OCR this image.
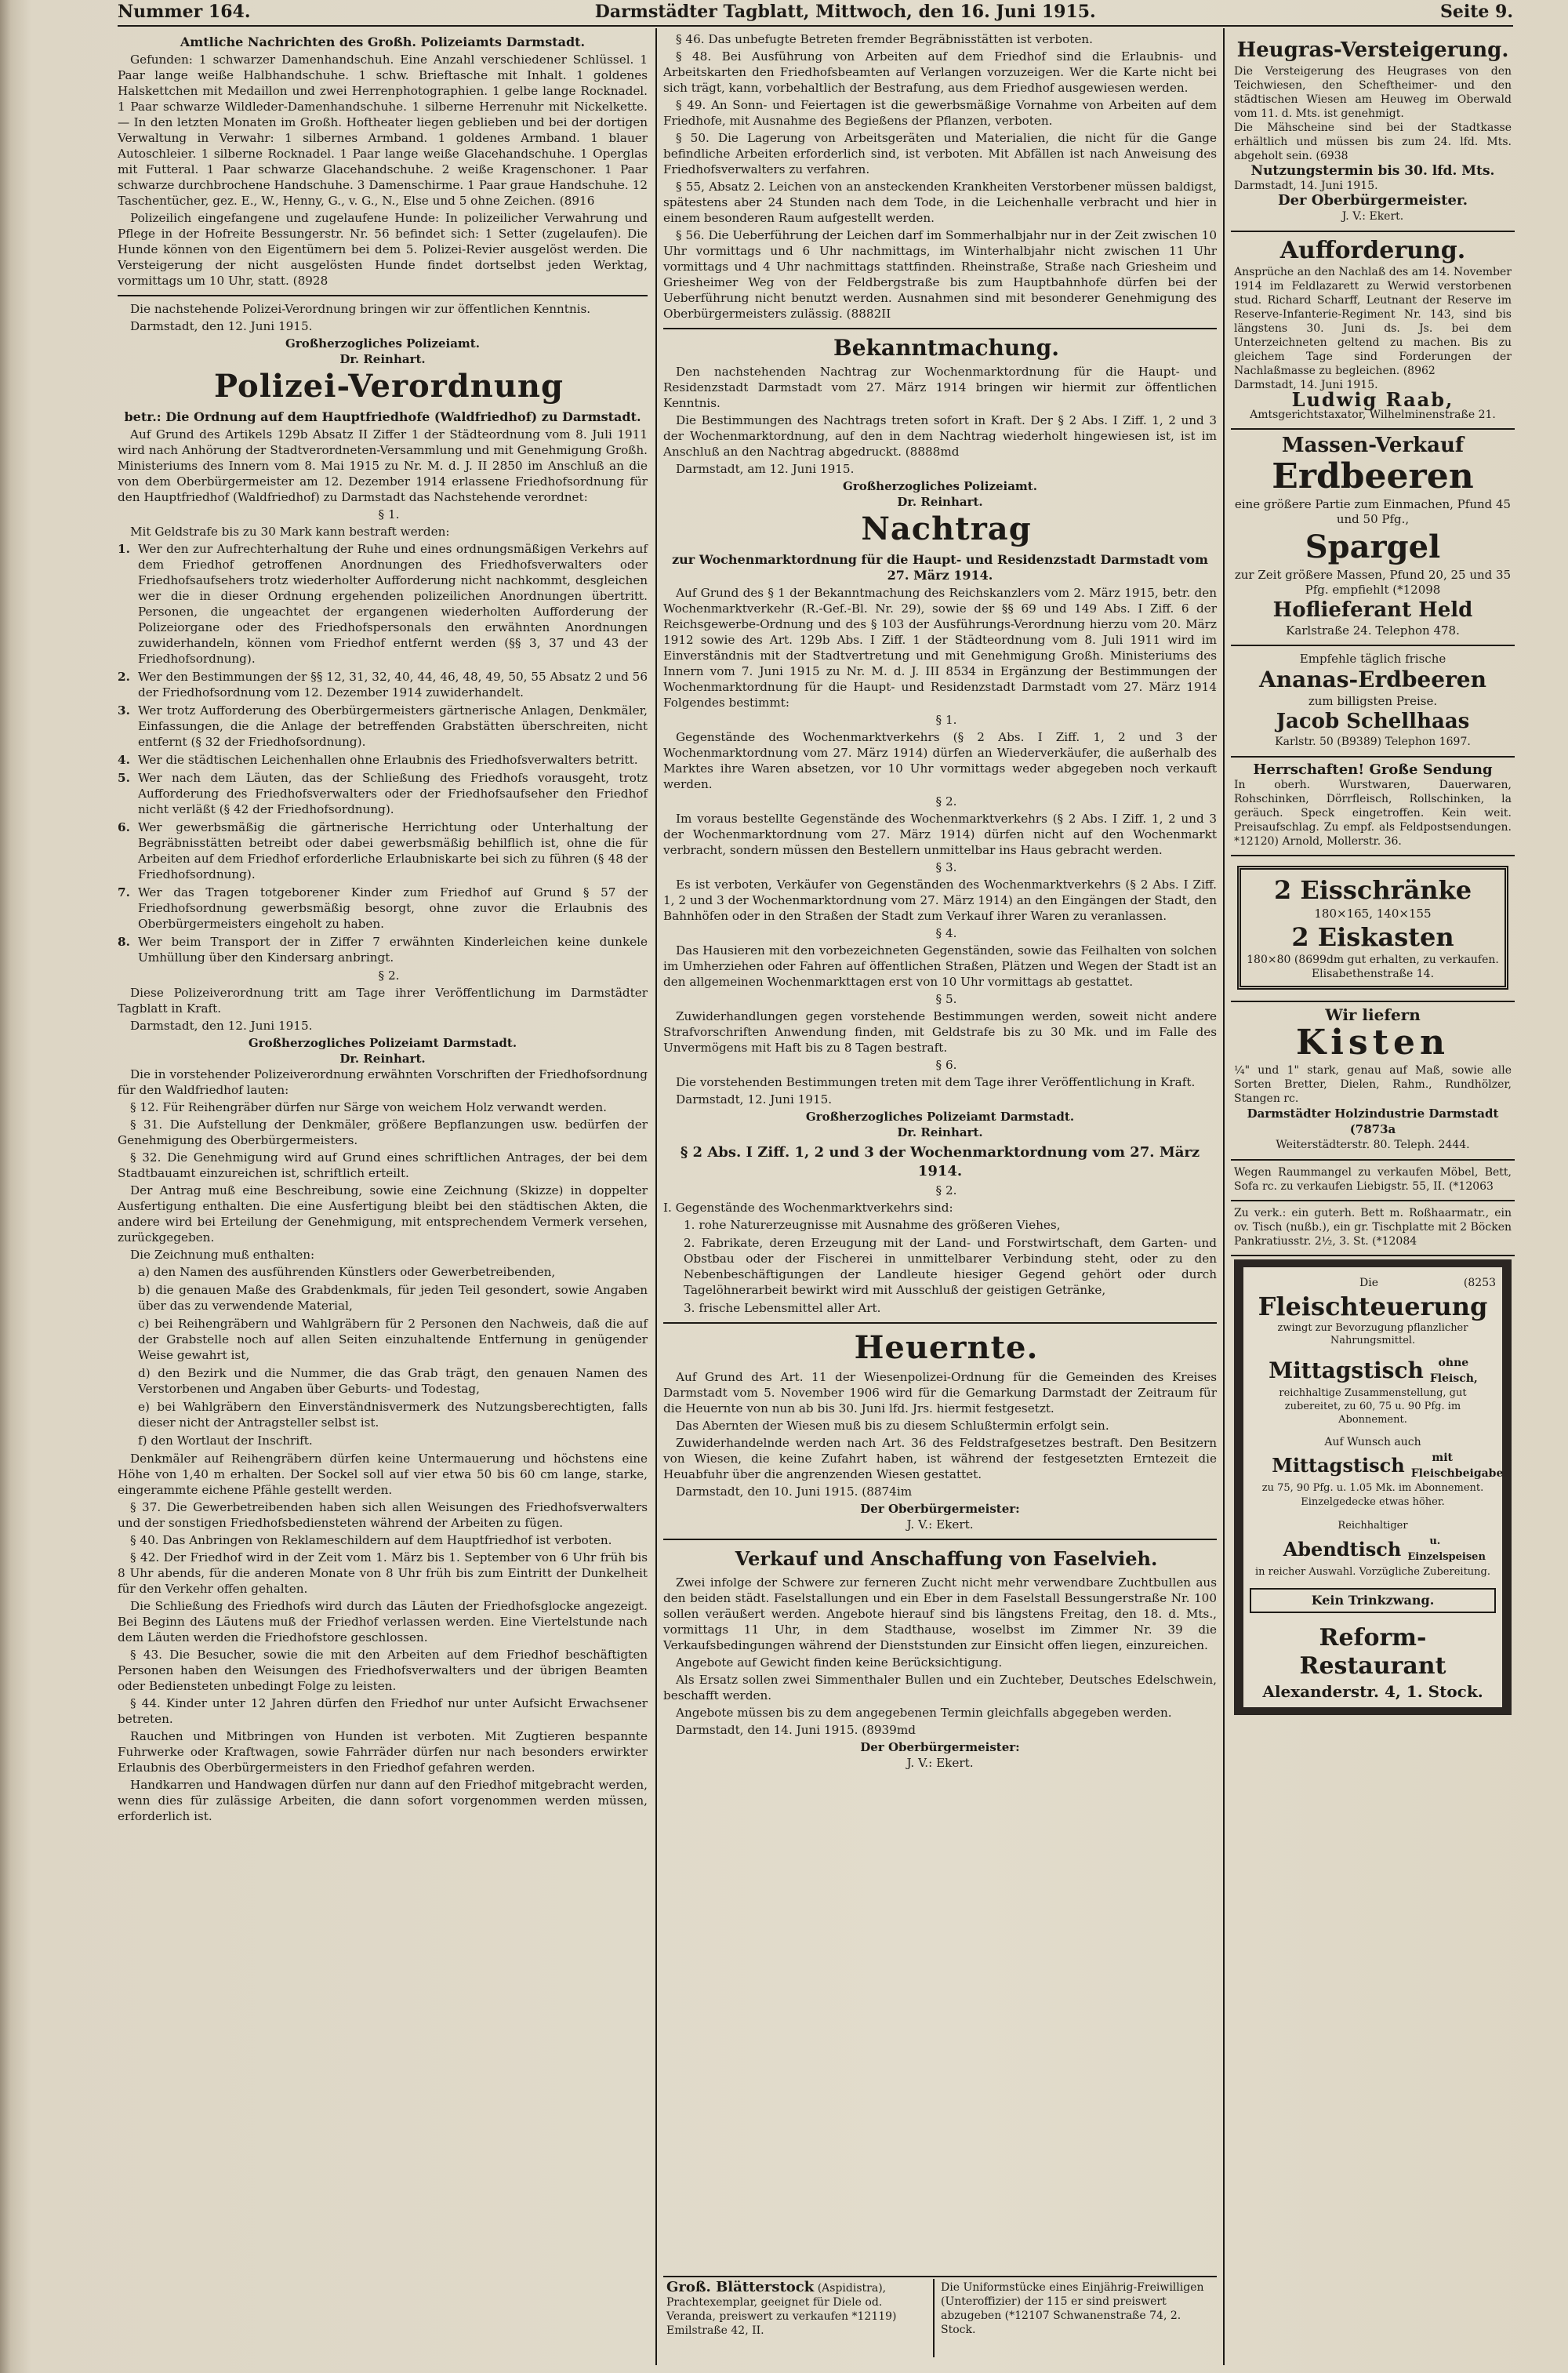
Nummer 164.	Darmstädter Tagblatt, Mittwoch, den 16. Juni 1915.	Seite 9.

Amtliche Nachrichten des Großh. Polizeiamts Darmstadt.

Gefunden: 1 schwarzer Damenhandschuh. Eine Anzahl verschiedener Schlüssel. 1 Paar lange weiße Halbhandschuhe. 1 schw. Brieftasche mit Inhalt. 1 goldenes Halskettchen mit Medaillon und zwei Herrenphotographien. 1 gelbe lange Rocknadel. 1 Paar schwarze Wildleder-Damenhandschuhe. 1 silberne Herrenuhr mit Nickelkette. — In den letzten Monaten im Großh. Hoftheater liegen geblieben und bei der dortigen Verwaltung in Verwahr: 1 silbernes Armband. 1 goldenes Armband. 1 blauer Autoschleier. 1 silberne Rocknadel. 1 Paar lange weiße Glacehandschuhe. 1 Operglas mit Futteral. 1 Paar schwarze Glacehandschuhe. 2 weiße Kragenschoner. 1 Paar schwarze durchbrochene Handschuhe. 3 Damenschirme. 1 Paar graue Handschuhe. 12 Taschentücher, gez. E., W., Henny, G., v. G., N., Else und 5 ohne Zeichen. (8916

Polizeilich eingefangene und zugelaufene Hunde: In polizeilicher Verwahrung und Pflege in der Hofreite Bessungerstr. Nr. 56 befindet sich: 1 Setter (zugelaufen). Die Hunde können von den Eigentümern bei dem 5. Polizei-Revier ausgelöst werden. Die Versteigerung der nicht ausgelösten Hunde findet dortselbst jeden Werktag, vormittags um 10 Uhr, statt. (8928

Die nachstehende Polizei-Verordnung bringen wir zur öffentlichen Kenntnis.

Darmstadt, den 12. Juni 1915.

Großherzogliches Polizeiamt.

Dr. Reinhart.

Polizei-Verordnung

betr.: Die Ordnung auf dem Hauptfriedhofe (Waldfriedhof) zu Darmstadt.

Auf Grund des Artikels 129b Absatz II Ziffer 1 der Städteordnung vom 8. Juli 1911 wird nach Anhörung der Stadtverordneten-Versammlung und mit Genehmigung Großh. Ministeriums des Innern vom 8. Mai 1915 zu Nr. M. d. J. II 2850 im Anschluß an die von dem Oberbürgermeister am 12. Dezember 1914 erlassene Friedhofsordnung für den Hauptfriedhof (Waldfriedhof) zu Darmstadt das Nachstehende verordnet:

§ 1.

Mit Geldstrafe bis zu 30 Mark kann bestraft werden:

1. Wer den zur Aufrechterhaltung der Ruhe und eines ordnungsmäßigen Verkehrs auf dem Friedhof getroffenen Anordnungen des Friedhofsverwalters oder Friedhofsaufsehers trotz wiederholter Aufforderung nicht nachkommt, desgleichen wer die in dieser Ordnung ergehenden polizeilichen Anordnungen übertritt. Personen, die ungeachtet der ergangenen wiederholten Aufforderung der Polizeiorgane oder des Friedhofspersonals den erwähnten Anordnungen zuwiderhandeln, können vom Friedhof entfernt werden (§§ 3, 37 und 43 der Friedhofsordnung).

2. Wer den Bestimmungen der §§ 12, 31, 32, 40, 44, 46, 48, 49, 50, 55 Absatz 2 und 56 der Friedhofsordnung vom 12. Dezember 1914 zuwiderhandelt.

3. Wer trotz Aufforderung des Oberbürgermeisters gärtnerische Anlagen, Denkmäler, Einfassungen, die die Anlage der betreffenden Grabstätten überschreiten, nicht entfernt (§ 32 der Friedhofsordnung).

4. Wer die städtischen Leichenhallen ohne Erlaubnis des Friedhofsverwalters betritt.

5. Wer nach dem Läuten, das der Schließung des Friedhofs vorausgeht, trotz Aufforderung des Friedhofsverwalters oder der Friedhofsaufseher den Friedhof nicht verläßt (§ 42 der Friedhofsordnung).

6. Wer gewerbsmäßig die gärtnerische Herrichtung oder Unterhaltung der Begräbnisstätten betreibt oder dabei gewerbsmäßig behilflich ist, ohne die für Arbeiten auf dem Friedhof erforderliche Erlaubniskarte bei sich zu führen (§ 48 der Friedhofsordnung).

7. Wer das Tragen totgeborener Kinder zum Friedhof auf Grund § 57 der Friedhofsordnung gewerbsmäßig besorgt, ohne zuvor die Erlaubnis des Oberbürgermeisters eingeholt zu haben.

8. Wer beim Transport der in Ziffer 7 erwähnten Kinderleichen keine dunkele Umhüllung über den Kindersarg anbringt.

§ 2.

Diese Polizeiverordnung tritt am Tage ihrer Veröffentlichung im Darmstädter Tagblatt in Kraft.

Darmstadt, den 12. Juni 1915.

Großherzogliches Polizeiamt Darmstadt.

Dr. Reinhart.

Die in vorstehender Polizeiverordnung erwähnten Vorschriften der Friedhofsordnung für den Waldfriedhof lauten:

§ 12. Für Reihengräber dürfen nur Särge von weichem Holz verwandt werden.

§ 31. Die Aufstellung der Denkmäler, größere Bepflanzungen usw. bedürfen der Genehmigung des Oberbürgermeisters.

§ 32. Die Genehmigung wird auf Grund eines schriftlichen Antrages, der bei dem Stadtbauamt einzureichen ist, schriftlich erteilt.

Der Antrag muß eine Beschreibung, sowie eine Zeichnung (Skizze) in doppelter Ausfertigung enthalten. Die eine Ausfertigung bleibt bei den städtischen Akten, die andere wird bei Erteilung der Genehmigung, mit entsprechendem Vermerk versehen, zurückgegeben.

Die Zeichnung muß enthalten:

a) den Namen des ausführenden Künstlers oder Gewerbetreibenden,

b) die genauen Maße des Grabdenkmals, für jeden Teil gesondert, sowie Angaben über das zu verwendende Material,

c) bei Reihengräbern und Wahlgräbern für 2 Personen den Nachweis, daß die auf der Grabstelle noch auf allen Seiten einzuhaltende Entfernung in genügender Weise gewahrt ist,

d) den Bezirk und die Nummer, die das Grab trägt, den genauen Namen des Verstorbenen und Angaben über Geburts- und Todestag,

e) bei Wahlgräbern den Einverständnisvermerk des Nutzungsberechtigten, falls dieser nicht der Antragsteller selbst ist.

f) den Wortlaut der Inschrift.

Denkmäler auf Reihengräbern dürfen keine Untermauerung und höchstens eine Höhe von 1,40 m erhalten. Der Sockel soll auf vier etwa 50 bis 60 cm lange, starke, eingerammte eichene Pfähle gestellt werden.

§ 37. Die Gewerbetreibenden haben sich allen Weisungen des Friedhofsverwalters und der sonstigen Friedhofsbediensteten während der Arbeiten zu fügen.

§ 40. Das Anbringen von Reklameschildern auf dem Hauptfriedhof ist verboten.

§ 42. Der Friedhof wird in der Zeit vom 1. März bis 1. September von 6 Uhr früh bis 8 Uhr abends, für die anderen Monate von 8 Uhr früh bis zum Eintritt der Dunkelheit für den Verkehr offen gehalten.

Die Schließung des Friedhofs wird durch das Läuten der Friedhofsglocke angezeigt. Bei Beginn des Läutens muß der Friedhof verlassen werden. Eine Viertelstunde nach dem Läuten werden die Friedhofstore geschlossen.

§ 43. Die Besucher, sowie die mit den Arbeiten auf dem Friedhof beschäftigten Personen haben den Weisungen des Friedhofsverwalters und der übrigen Beamten oder Bediensteten unbedingt Folge zu leisten.

§ 44. Kinder unter 12 Jahren dürfen den Friedhof nur unter Aufsicht Erwachsener betreten.

Rauchen und Mitbringen von Hunden ist verboten. Mit Zugtieren bespannte Fuhrwerke oder Kraftwagen, sowie Fahrräder dürfen nur nach besonders erwirkter Erlaubnis des Oberbürgermeisters in den Friedhof gefahren werden.

Handkarren und Handwagen dürfen nur dann auf den Friedhof mitgebracht werden, wenn dies für zulässige Arbeiten, die dann sofort vorgenommen werden müssen, erforderlich ist.

§ 46. Das unbefugte Betreten fremder Begräbnisstätten ist verboten.

§ 48. Bei Ausführung von Arbeiten auf dem Friedhof sind die Erlaubnis- und Arbeitskarten den Friedhofsbeamten auf Verlangen vorzuzeigen. Wer die Karte nicht bei sich trägt, kann, vorbehaltlich der Bestrafung, aus dem Friedhof ausgewiesen werden.

§ 49. An Sonn- und Feiertagen ist die gewerbsmäßige Vornahme von Arbeiten auf dem Friedhofe, mit Ausnahme des Begießens der Pflanzen, verboten.

§ 50. Die Lagerung von Arbeitsgeräten und Materialien, die nicht für die Gange befindliche Arbeiten erforderlich sind, ist verboten. Mit Abfällen ist nach Anweisung des Friedhofsverwalters zu verfahren.

§ 55, Absatz 2. Leichen von an ansteckenden Krankheiten Verstorbener müssen baldigst, spätestens aber 24 Stunden nach dem Tode, in die Leichenhalle verbracht und hier in einem besonderen Raum aufgestellt werden.

§ 56. Die Ueberführung der Leichen darf im Sommerhalbjahr nur in der Zeit zwischen 10 Uhr vormittags und 6 Uhr nachmittags, im Winterhalbjahr nicht zwischen 11 Uhr vormittags und 4 Uhr nachmittags stattfinden. Rheinstraße, Straße nach Griesheim und Griesheimer Weg von der Feldbergstraße bis zum Hauptbahnhofe dürfen bei der Ueberführung nicht benutzt werden. Ausnahmen sind mit besonderer Genehmigung des Oberbürgermeisters zulässig. (8882II

Bekanntmachung.

Den nachstehenden Nachtrag zur Wochenmarktordnung für die Haupt- und Residenzstadt Darmstadt vom 27. März 1914 bringen wir hiermit zur öffentlichen Kenntnis.

Die Bestimmungen des Nachtrags treten sofort in Kraft. Der § 2 Abs. I Ziff. 1, 2 und 3 der Wochenmarktordnung, auf den in dem Nachtrag wiederholt hingewiesen ist, ist im Anschluß an den Nachtrag abgedruckt. (8888md

Darmstadt, am 12. Juni 1915.

Großherzogliches Polizeiamt.

Dr. Reinhart.

Nachtrag

zur Wochenmarktordnung für die Haupt- und Residenzstadt Darmstadt vom 27. März 1914.

Auf Grund des § 1 der Bekanntmachung des Reichskanzlers vom 2. März 1915, betr. den Wochenmarktverkehr (R.-Gef.-Bl. Nr. 29), sowie der §§ 69 und 149 Abs. I Ziff. 6 der Reichsgewerbe-Ordnung und des § 103 der Ausführungs-Verordnung hierzu vom 20. März 1912 sowie des Art. 129b Abs. I Ziff. 1 der Städteordnung vom 8. Juli 1911 wird im Einverständnis mit der Stadtvertretung und mit Genehmigung Großh. Ministeriums des Innern vom 7. Juni 1915 zu Nr. M. d. J. III 8534 in Ergänzung der Bestimmungen der Wochenmarktordnung für die Haupt- und Residenzstadt Darmstadt vom 27. März 1914 Folgendes bestimmt:

§ 1.

Gegenstände des Wochenmarktverkehrs (§ 2 Abs. I Ziff. 1, 2 und 3 der Wochenmarktordnung vom 27. März 1914) dürfen an Wiederverkäufer, die außerhalb des Marktes ihre Waren absetzen, vor 10 Uhr vormittags weder abgegeben noch verkauft werden.

§ 2.

Im voraus bestellte Gegenstände des Wochenmarktverkehrs (§ 2 Abs. I Ziff. 1, 2 und 3 der Wochenmarktordnung vom 27. März 1914) dürfen nicht auf den Wochenmarkt verbracht, sondern müssen den Bestellern unmittelbar ins Haus gebracht werden.

§ 3.

Es ist verboten, Verkäufer von Gegenständen des Wochenmarktverkehrs (§ 2 Abs. I Ziff. 1, 2 und 3 der Wochenmarktordnung vom 27. März 1914) an den Eingängen der Stadt, den Bahnhöfen oder in den Straßen der Stadt zum Verkauf ihrer Waren zu veranlassen.

§ 4.

Das Hausieren mit den vorbezeichneten Gegenständen, sowie das Feilhalten von solchen im Umherziehen oder Fahren auf öffentlichen Straßen, Plätzen und Wegen der Stadt ist an den allgemeinen Wochenmarkttagen erst von 10 Uhr vormittags ab gestattet.

§ 5.

Zuwiderhandlungen gegen vorstehende Bestimmungen werden, soweit nicht andere Strafvorschriften Anwendung finden, mit Geldstrafe bis zu 30 Mk. und im Falle des Unvermögens mit Haft bis zu 8 Tagen bestraft.

§ 6.

Die vorstehenden Bestimmungen treten mit dem Tage ihrer Veröffentlichung in Kraft.

Darmstadt, 12. Juni 1915.

Großherzogliches Polizeiamt Darmstadt.

Dr. Reinhart.

§ 2 Abs. I Ziff. 1, 2 und 3 der Wochenmarktordnung vom 27. März 1914.

§ 2.

I. Gegenstände des Wochenmarktverkehrs sind:

1. rohe Naturerzeugnisse mit Ausnahme des größeren Viehes,

2. Fabrikate, deren Erzeugung mit der Land- und Forstwirtschaft, dem Garten- und Obstbau oder der Fischerei in unmittelbarer Verbindung steht, oder zu den Nebenbeschäftigungen der Landleute hiesiger Gegend gehört oder durch Tagelöhnerarbeit bewirkt wird mit Ausschluß der geistigen Getränke,

3. frische Lebensmittel aller Art.

Heuernte.

Auf Grund des Art. 11 der Wiesenpolizei-Ordnung für die Gemeinden des Kreises Darmstadt vom 5. November 1906 wird für die Gemarkung Darmstadt der Zeitraum für die Heuernte von nun ab bis 30. Juni lfd. Jrs. hiermit festgesetzt.

Das Abernten der Wiesen muß bis zu diesem Schlußtermin erfolgt sein.

Zuwiderhandelnde werden nach Art. 36 des Feldstrafgesetzes bestraft. Den Besitzern von Wiesen, die keine Zufahrt haben, ist während der festgesetzten Erntezeit die Heuabfuhr über die angrenzenden Wiesen gestattet.

Darmstadt, den 10. Juni 1915. (8874im

Der Oberbürgermeister:

J. V.: Ekert.

Verkauf und Anschaffung von Faselvieh.

Zwei infolge der Schwere zur ferneren Zucht nicht mehr verwendbare Zuchtbullen aus den beiden städt. Faselstallungen und ein Eber in dem Faselstall Bessungerstraße Nr. 100 sollen veräußert werden. Angebote hierauf sind bis längstens Freitag, den 18. d. Mts., vormittags 11 Uhr, in dem Stadthause, woselbst im Zimmer Nr. 39 die Verkaufsbedingungen während der Dienststunden zur Einsicht offen liegen, einzureichen.

Angebote auf Gewicht finden keine Berücksichtigung.

Als Ersatz sollen zwei Simmenthaler Bullen und ein Zuchteber, Deutsches Edelschwein, beschafft werden.

Angebote müssen bis zu dem angegebenen Termin gleichfalls abgegeben werden.

Darmstadt, den 14. Juni 1915. (8939md

Der Oberbürgermeister:

J. V.: Ekert.

Groß. Blätterstock (Aspidistra), Prachtexemplar, geeignet für Diele od. Veranda, preiswert zu verkaufen *12119) Emilstraße 42, II.
Die Uniformstücke eines Einjährig-Freiwilligen (Unteroffizier) der 115 er sind preiswert abzugeben (*12107 Schwanenstraße 74, 2. Stock.
Heugras-Versteigerung.
Die Versteigerung des Heugrases von den Teichwiesen, den Scheftheimer- und den städtischen Wiesen am Heuweg im Oberwald vom 11. d. Mts. ist genehmigt.
Die Mähscheine sind bei der Stadtkasse erhältlich und müssen bis zum 24. lfd. Mts. abgeholt sein. (6938
Nutzungstermin bis 30. lfd. Mts.
Darmstadt, 14. Juni 1915.
Der Oberbürgermeister.
J. V.: Ekert.
Aufforderung.
Ansprüche an den Nachlaß des am 14. November 1914 im Feldlazarett zu Werwid verstorbenen stud. Richard Scharff, Leutnant der Reserve im Reserve-Infanterie-Regiment Nr. 143, sind bis längstens 30. Juni ds. Js. bei dem Unterzeichneten geltend zu machen. Bis zu gleichem Tage sind Forderungen der Nachlaßmasse zu begleichen. (8962
Darmstadt, 14. Juni 1915.
Ludwig Raab,
Amtsgerichtstaxator, Wilhelminenstraße 21.
Massen-Verkauf
Erdbeeren
eine größere Partie zum Einmachen, Pfund 45 und 50 Pfg.,
Spargel
zur Zeit größere Massen, Pfund 20, 25 und 35 Pfg. empfiehlt (*12098
Hoflieferant Held
Karlstraße 24. Telephon 478.
Empfehle täglich frische
Ananas-Erdbeeren
zum billigsten Preise.
Jacob Schellhaas
Karlstr. 50 (B9389) Telephon 1697.
Herrschaften! Große Sendung
In oberh. Wurstwaren, Dauerwaren, Rohschinken, Dörrfleisch, Rollschinken, la geräuch. Speck eingetroffen. Kein weit. Preisaufschlag. Zu empf. als Feldpostsendungen. *12120) Arnold, Mollerstr. 36.
2 Eisschränke
180×165, 140×155
2 Eiskasten
180×80 (8699dm gut erhalten, zu verkaufen. Elisabethenstraße 14.
Wir liefern
Kisten
¼" und 1" stark, genau auf Maß, sowie alle Sorten Bretter, Dielen, Rahm., Rundhölzer, Stangen rc.
Darmstädter Holzindustrie Darmstadt (7873a
Weiterstädterstr. 80. Teleph. 2444.
Wegen Raummangel zu verkaufen Möbel, Bett, Sofa rc. zu verkaufen Liebigstr. 55, II. (*12063
Zu verk.: ein guterh. Bett m. Roßhaarmatr., ein ov. Tisch (nußb.), ein gr. Tischplatte mit 2 Böcken Pankratiusstr. 2½, 3. St. (*12084
Die	(8253
Fleischteuerung
zwingt zur Bevorzugung pflanzlicher Nahrungsmittel.
Mittagstisch	ohne Fleisch,
reichhaltige Zusammenstellung, gut zubereitet, zu 60, 75 u. 90 Pfg. im Abonnement.
Auf Wunsch auch
Mittagstisch	mit Fleischbeigabe
zu 75, 90 Pfg. u. 1.05 Mk. im Abonnement.
Einzelgedecke etwas höher.
Reichhaltiger
Abendtisch	u. Einzelspeisen
in reicher Auswahl. Vorzügliche Zubereitung.
Kein Trinkzwang.
Reform-Restaurant
Alexanderstr. 4, 1. Stock.
